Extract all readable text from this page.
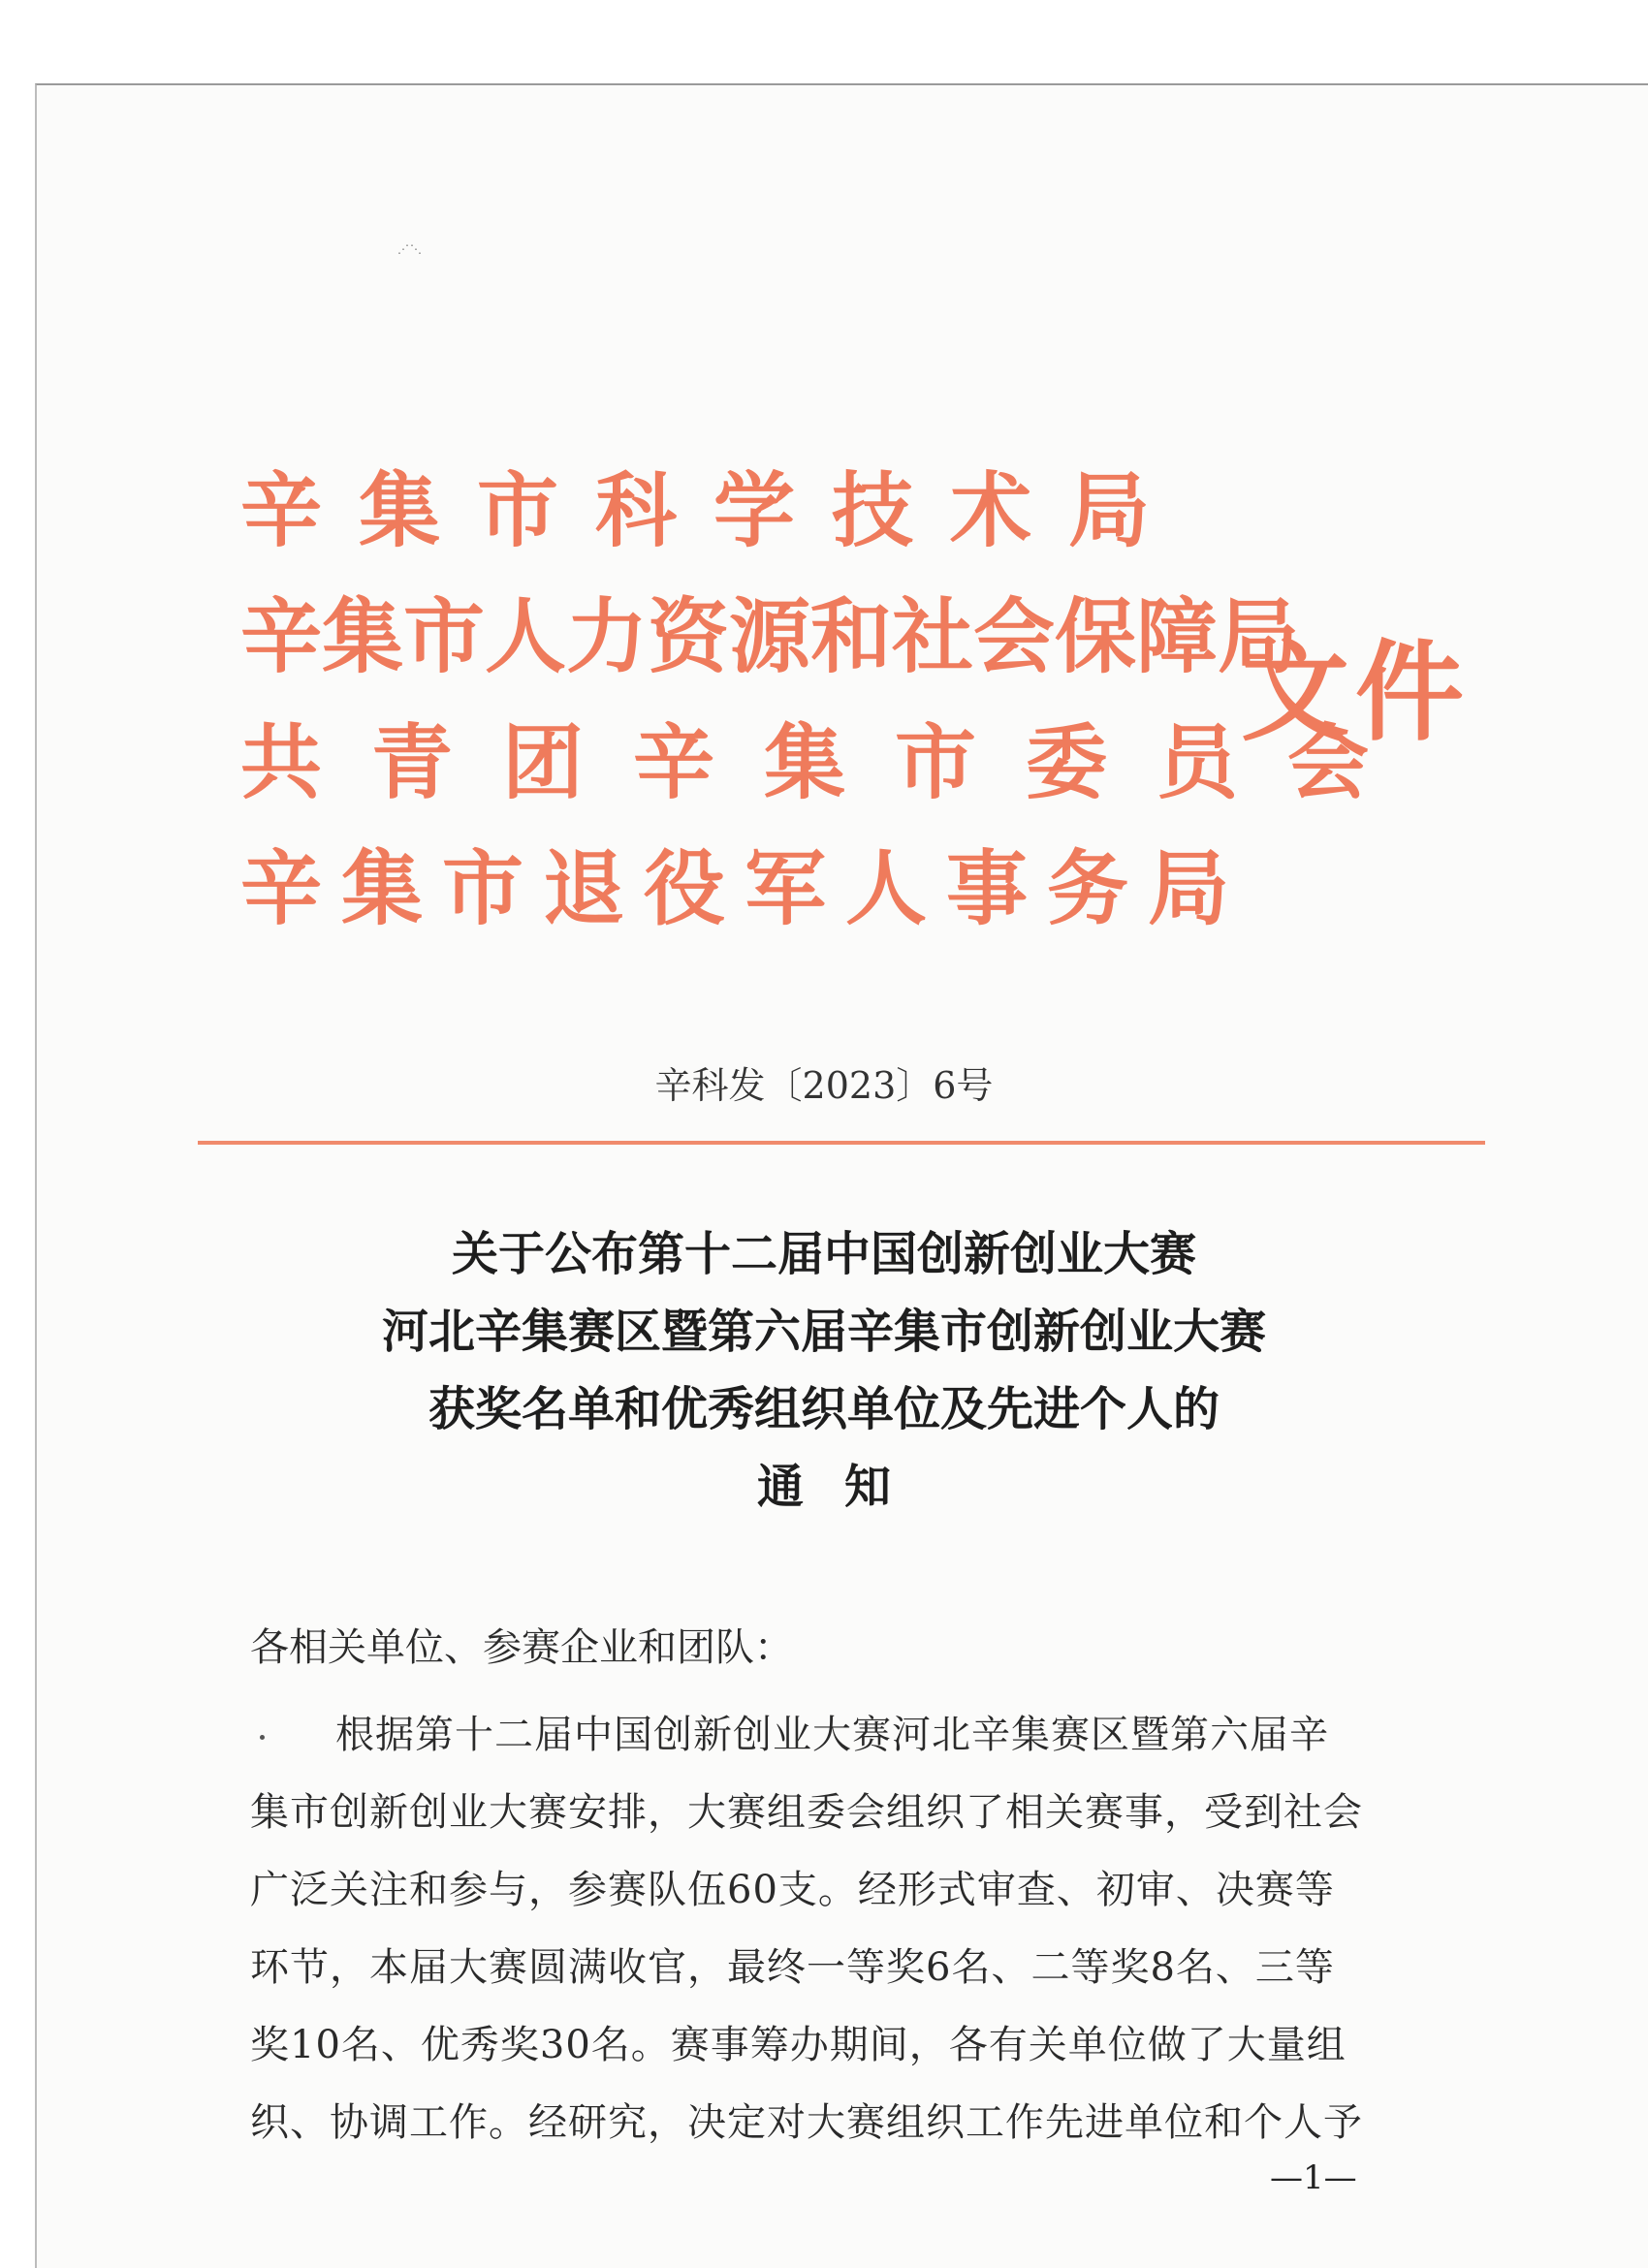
⋰⋱
辛集市科学技术局
辛集市人力资源和社会保障局
共青团辛集市委员会
辛集市退役军人事务局
文件
辛科发〔2023〕6号
关于公布第十二届中国创新创业大赛
河北辛集赛区暨第六届辛集市创新创业大赛
获奖名单和优秀组织单位及先进个人的
通知
各相关单位、参赛企业和团队：
根据第十二届中国创新创业大赛河北辛集赛区暨第六届辛
集市创新创业大赛安排，大赛组委会组织了相关赛事，受到社会
广泛关注和参与，参赛队伍60支。经形式审查、初审、决赛等
环节，本届大赛圆满收官，最终一等奖6名、二等奖8名、三等
奖10名、优秀奖30名。赛事筹办期间，各有关单位做了大量组
织、协调工作。经研究，决定对大赛组织工作先进单位和个人予
—1—
